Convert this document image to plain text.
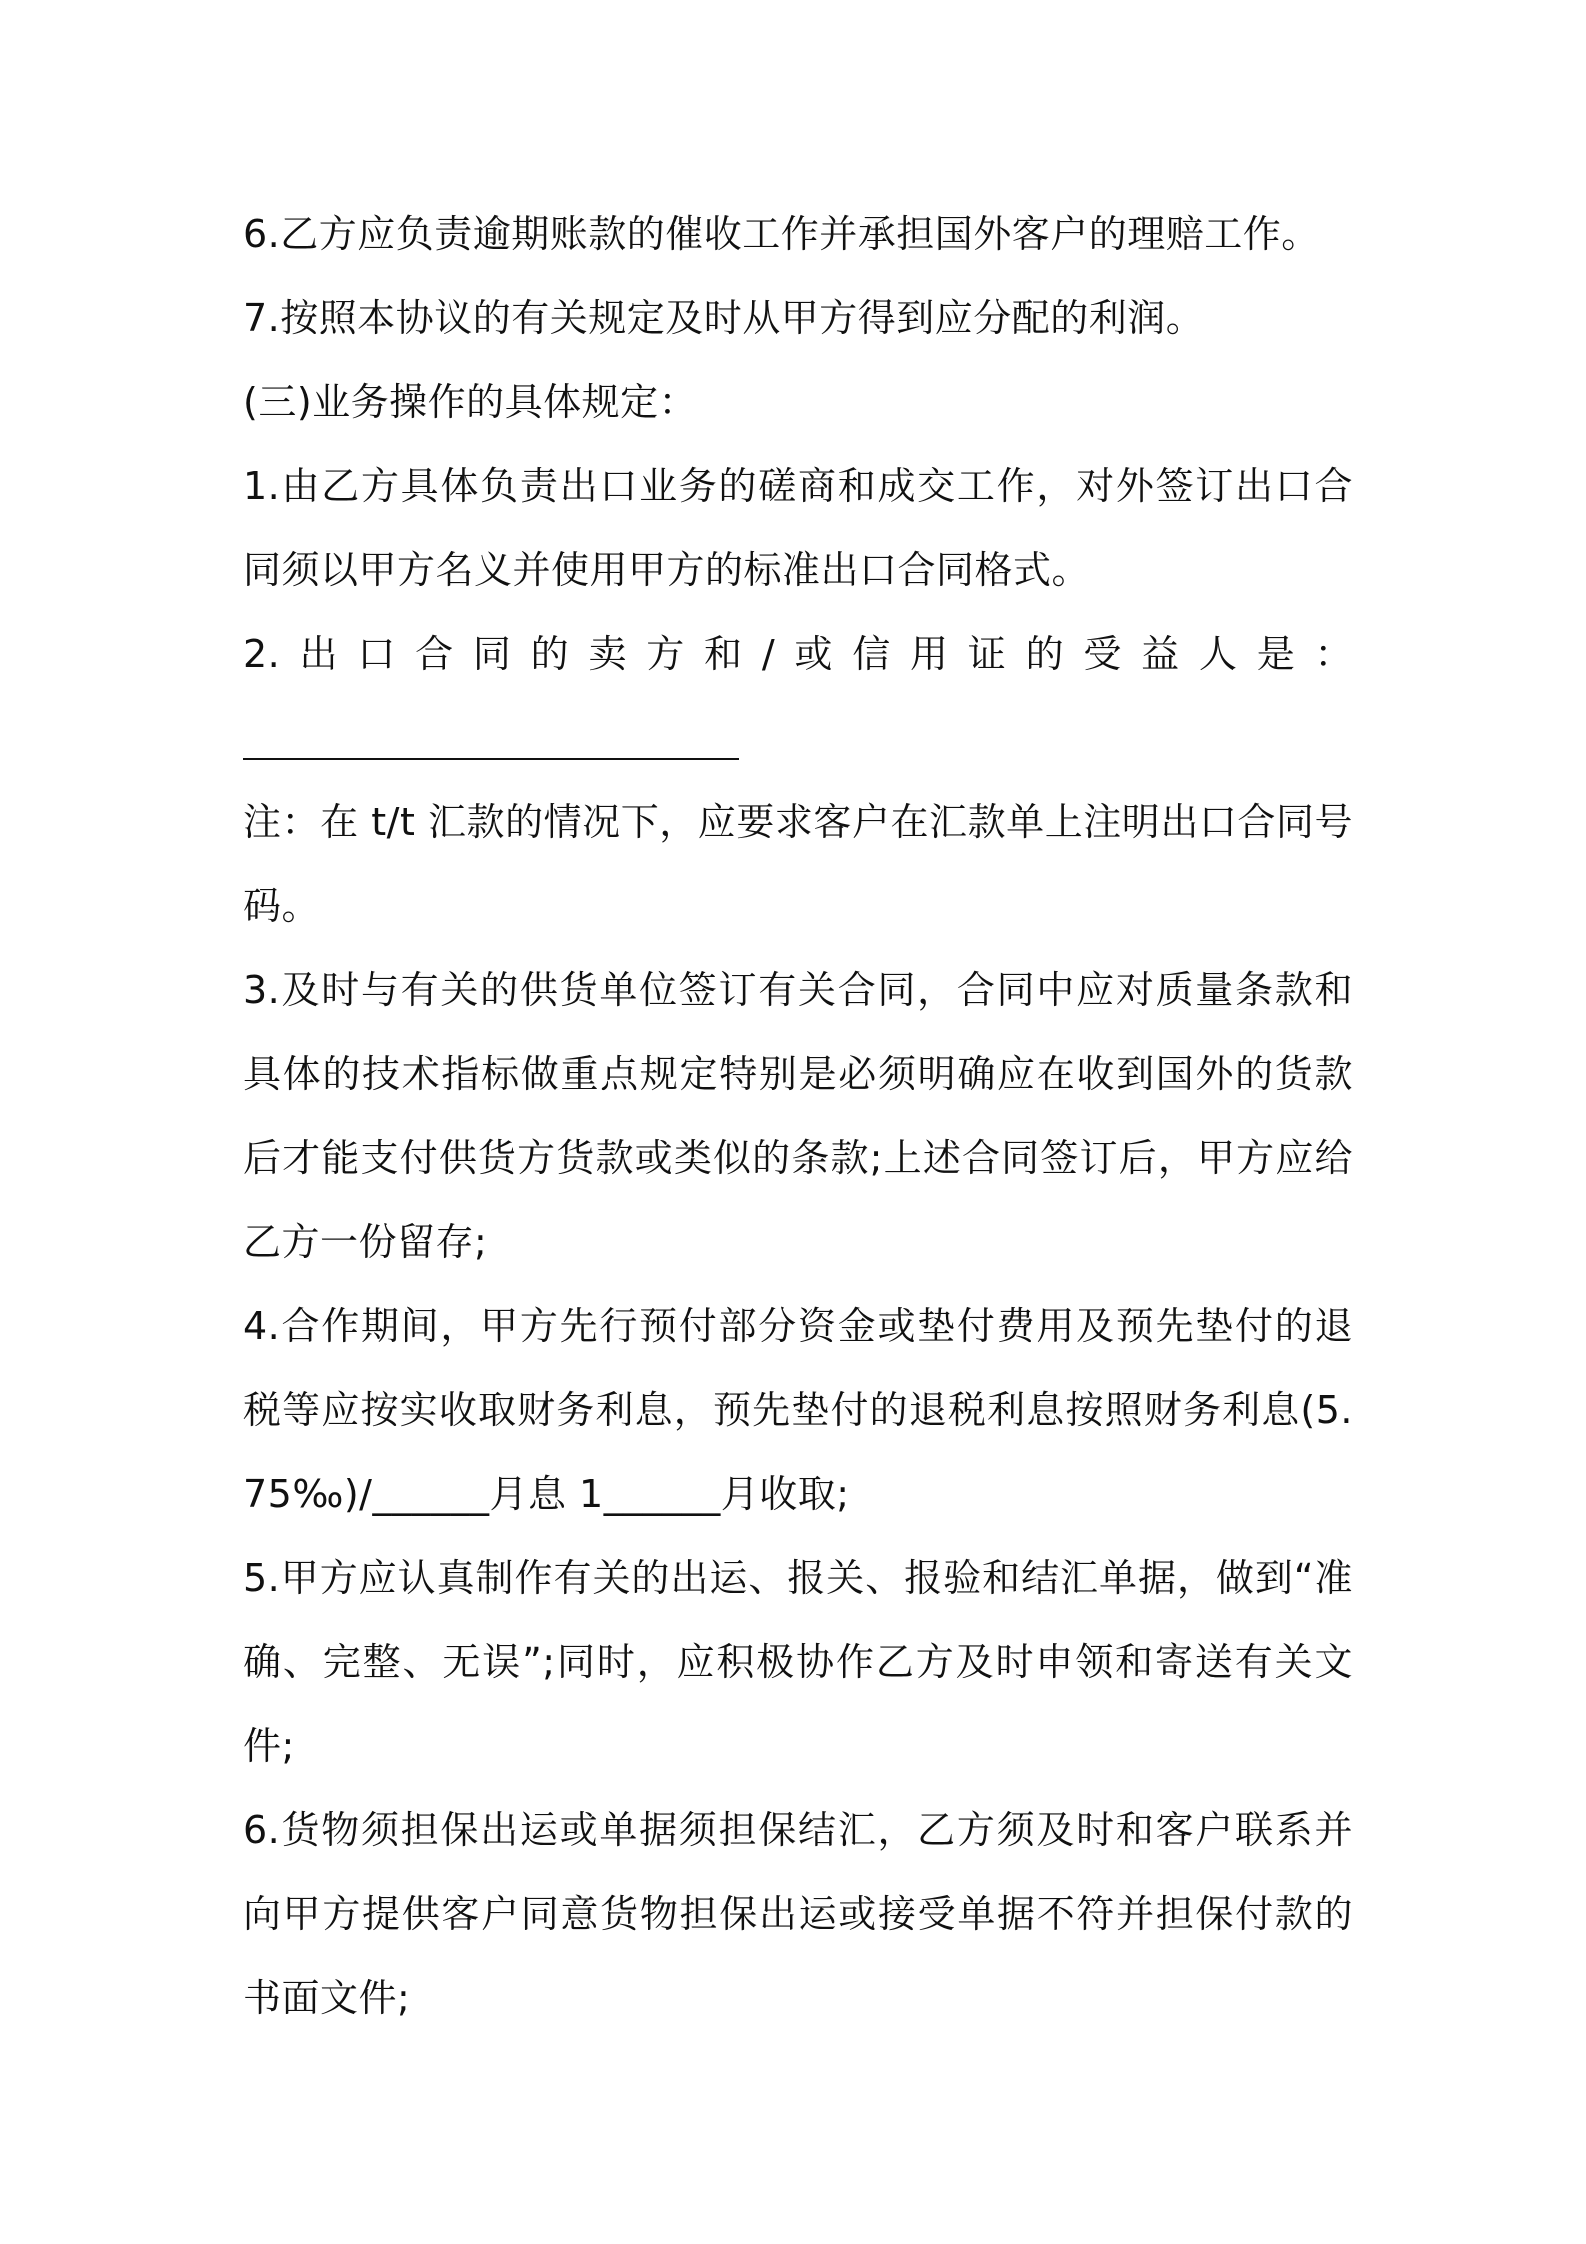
6.乙方应负责逾期账款的催收工作并承担国外客户的理赔工作。

7.按照本协议的有关规定及时从甲方得到应分配的利润。

(三)业务操作的具体规定：

1.由乙方具体负责出口业务的磋商和成交工作，对外签订出口合同须以甲方名义并使用甲方的标准出口合同格式。

2.出口合同的卖方和/或信用证的受益人是：

注：在 t/t 汇款的情况下，应要求客户在汇款单上注明出口合同号码。

3.及时与有关的供货单位签订有关合同，合同中应对质量条款和具体的技术指标做重点规定特别是必须明确应在收到国外的货款后才能支付供货方货款或类似的条款;上述合同签订后，甲方应给乙方一份留存;

4.合作期间，甲方先行预付部分资金或垫付费用及预先垫付的退税等应按实收取财务利息，预先垫付的退税利息按照财务利息(5.75‰)/______月息 1______月收取;

5.甲方应认真制作有关的出运、报关、报验和结汇单据，做到“准确、完整、无误”;同时，应积极协作乙方及时申领和寄送有关文件;

6.货物须担保出运或单据须担保结汇，乙方须及时和客户联系并向甲方提供客户同意货物担保出运或接受单据不符并担保付款的书面文件;
